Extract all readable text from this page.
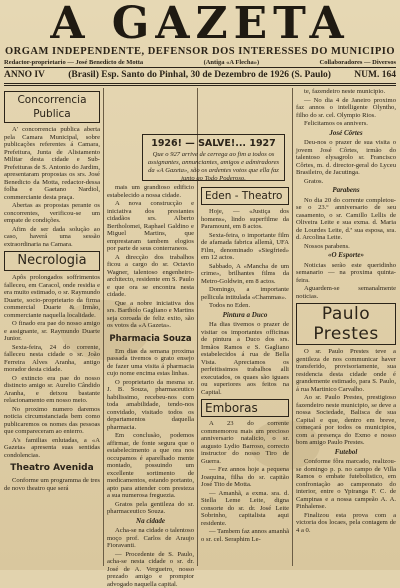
A GAZETA
ORGAM INDEPENDENTE, DEFENSOR DOS INTERESSES DO MUNICIPIO
Redactor-proprietario — José Benedicto de Motta	(Antiga «A Flecha»)	Collaboradores — Diversos
ANNO IV (Brasil) Esp. Santo do Pinhal, 30 de Dezembro de 1926 (S. Paulo) NUM. 164
Concorrencia Publica

A' concorrencia publica aberta pela Camara Municipal, sobre publicações referentes á Camara, Prefeitura, Junta de Alistamento Militar desta cidade e Sub-Prefeituras de S. Antonio do Jardim, apresentaram propostas os srs. José Benedicto da Motta, redactor-dessa folha e Gaetano Nardiol, commerciante desta praça.

Abertas as propostas perante os concorrentes, verificou-se um empate de condições.

Afim de ser dada solução ao caso, haverá uma sessão extraordinaria na Camara.

Necrologia

Apôs prolongados soffrimentos falleceu, em Caracol, onde residia e era muito estimado, o sr. Raymundo Duarte, socio-proprietario da firma commercial Duarte & Irmão, commerciante naquella localidade.

O finado era pae do nosso amigo e assignante, sr. Raymundo Duarte Junior.

Sexta-feira, 24 do corrente, falleceu nesta cidade o sr. João Ferreira Alves Aranha, antigo morador desta cidade.

O extincto era pae do nosso distincto amigo sr. Aurelio Cândido Aranha, e deixou bastante relacionamento em nosso meio.

No proximo numero daremos noticia circumstanciada bem como publicaremos os nomes das pessoas que compareceram ao enterro.

A's familias enlutadas, a «A Gazeta» apresenta suas sentidas condolencias.

Theatro Avenida

Conforme um programma de tres de novo theatro que será

1926! — SALVE!... 1927
Que o 927 arrive de cerrega ao fim a todos os assignantes, annunciantes, amigos e admiradores da «A Gazeta», são os ardentes votos que ella faz junto ao Todo Poderoso.

mais um grandioso edificio estabelecido a nossa cidade.

A nova construcção e iniciativa dos prestantes cidadãos srs. Alberto Bertholomei, Raphael Galdino e Miguel Martins, que emprestaram tambem elogios por parte de seus conterraneos.

A direcção dos trabalhos ficou a cargo do sr. Octavio Wagner, talentoso engenheiro-architecto, residente em S. Paulo e que ora se encontra nesta cidade.

Que a nobre iniciativa dos srs. Bartholo Gagliano e Martins seja coroada de feliz exito, são os votos da «A Gazeta».

Pharmacia Souza

Em dias da semana proxima passada tivemos o grato ensejo de fazer uma visita á pharmacia cujo nome encima estas linhas.

O proprietario da mesma sr. J. B. Souza, pharmaceutico habilissimo, recebeu-nos com toda amabilidade, tendo-nos convidado, visitado todos os departamentos daquella pharmacia.

Em conclusão, podemos affirmar, de fonte segura que o estabelecimento a que ora nos occupamos é aparelhado mente montado, possuindo um excellente sortimento de medicamentos, estando portanto, apto para attender com presteza a sua numerosa freguezia.

Gratos pela gentileza do sr. pharmaceutico Souza.

Na cidade

Acha-se na cidade o talentoso moço prof. Carlos de Araujo Fioravanti.

— Procedente de S. Paulo, acha-se nesta cidade o sr. dr. José de A. Vergueiro, nosso prezado amigo e promptor advogado naquella capital.

Eden - Theatro

Hoje, — «Justiça dos homens», lindo superfilme da Paramount, em 8 actos.

Sexta-feira, o importante film de afamada fabrica allemã, UFA Film, denominado «Siegfried» em 12 actos.

Sabbado, A «Mancha de um crime», brilhantes films da Metro-Goldwin, em 8 actos.

Domingo, a importante pellicula intitulada «Chammas».

Todos no Eden.

Pintura a Duco

Ha dias tivemos o prazer de visitar os importantes officinas de pintura a Duco dos srs. Irmãos Ramos e S. Gagliano estabelecidos á rua de Bella Vista. Apreciamos os perfeitissimos trabalhos alli executados, os quaes são iguaes ou superiores aos feitos na Capital.

Emboras

A 23 do corrente commemorou mais um precioso anniversario natalicio, o sr. augusto Lydio Barroso, correcto instructor do nosso Tiro de Guerra.

— Fez annos hoje a pequena Joaquina, filha do sr. capitão José Tito de Motta.

— Amanhã, a exma. sra. d. Stella Leme Leite, digna consorte do sr. dr. José Leite Sobrinho, capitalista aqui residente.

— Tambem faz annos amanhã o sr. cel. Seraphim Le-

te, fazendeiro neste municipio.

— No dia 4 de Janeiro proximo faz annos o intelligente Olyntho, filho do sr. cel. Olympio Rios.

Felicitamos os annivers.

José Côrtes

Deu-nos o prazer de sua visita o jovem José Côrtes, irmão do talentoso elysagrolo sr. Francisco Côrtes, m. d. director-geral do Lyceu Brasileiro, de Jacutinga.

Gratos.

Parabens

No dia 20 do corrente completou-se o 23.º anniversario de seu casamento, o sr. Camillo Lellis de Oliveira Leite e sua exma. d. Maria de Lourdes Leite, d.ª sua esposa, sra. d. Arcolina Leite.

Nossos parabens.

«O Esporte»

Noticias serão este queridinho semanario — na proxima quinta-feira.

Aguardem-se semanalmente noticias.

Paulo Prestes

O sr. Paulo Prestes teve a gentileza de nos communicar haver transferido, provisoriamente, sua residencia desta cidade onde é grandemente estimado, para S. Paulo, á rua Martinico Carvalho.

Ao sr. Paulo Prestes, prestigioso fazendeiro neste municipio, se deve a nossa Sociedade, Balisca de sua Capital e que, dentro em breve, começará por todos os municipios, com a presença do Exmo e nosso bom amigo Paulo Prestes.

Futebol

Conforme fôra marcado, realizou-se domingo p. p. no campo de Villa Ramos o embate futebolistico, em confrontação ao campeonato do interior, entre o Ypiranga F. C. de Campinas e a nossa campeão A. A. Pinhalense.

Finalizou esta prova com a victoria dos locaes, pela contagem de 4 a 0.
